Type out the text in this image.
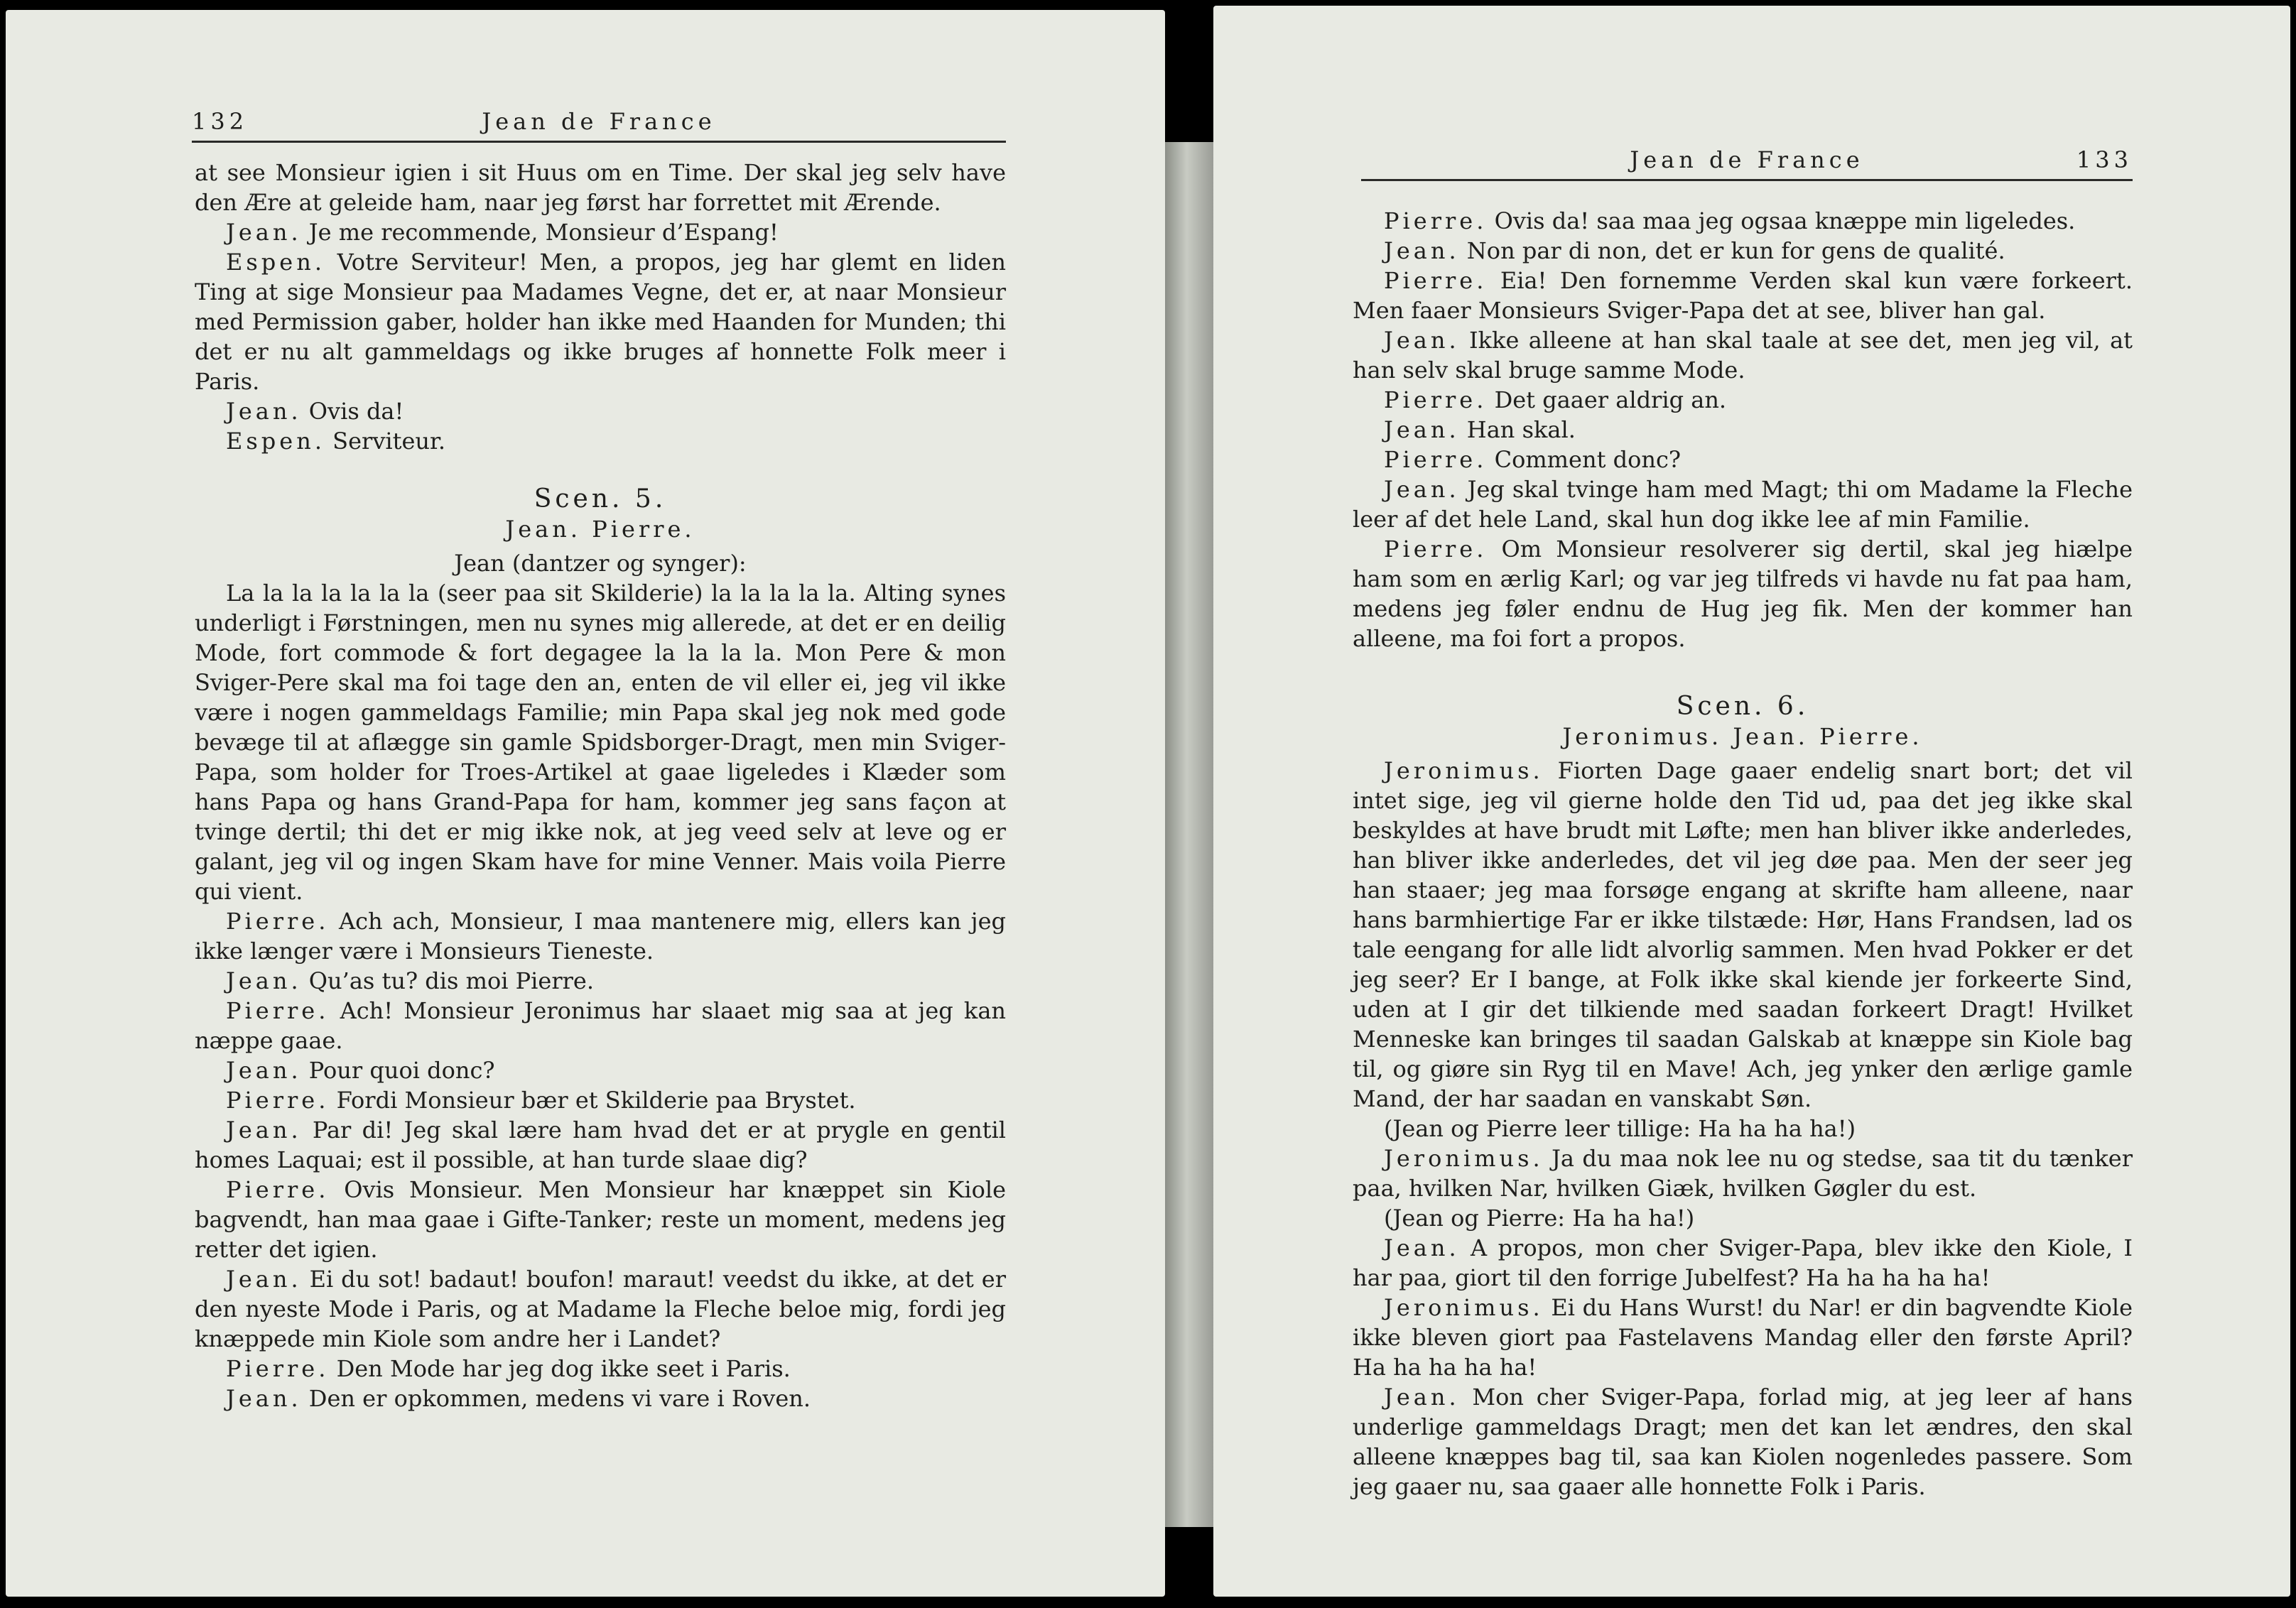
132	Jean de France

at see Monsieur igien i sit Huus om en Time. Der skal jeg selv have den Ære at geleide ham, naar jeg først har forrettet mit Ærende.

Jean. Je me recommende, Monsieur d’Espang!

Espen. Votre Serviteur! Men, a propos, jeg har glemt en liden Ting at sige Monsieur paa Madames Vegne, det er, at naar Monsieur med Permission gaber, holder han ikke med Haanden for Munden; thi det er nu alt gammeldags og ikke bruges af honnette Folk meer i Paris.

Jean. Ovis da!

Espen. Serviteur.

Scen. 5.
Jean. Pierre.
Jean (dantzer og synger):

La la la la la la la (seer paa sit Skilderie) la la la la la. Alting synes underligt i Førstningen, men nu synes mig allerede, at det er en deilig Mode, fort commode & fort degagee la la la la. Mon Pere & mon Sviger-Pere skal ma foi tage den an, enten de vil eller ei, jeg vil ikke være i nogen gammeldags Familie; min Papa skal jeg nok med gode bevæge til at aflægge sin gamle Spidsborger-Dragt, men min Sviger-Papa, som holder for Troes-Artikel at gaae ligeledes i Klæder som hans Papa og hans Grand-Papa for ham, kommer jeg sans façon at tvinge dertil; thi det er mig ikke nok, at jeg veed selv at leve og er galant, jeg vil og ingen Skam have for mine Venner. Mais voila Pierre qui vient.

Pierre. Ach ach, Monsieur, I maa mantenere mig, ellers kan jeg ikke længer være i Monsieurs Tieneste.

Jean. Qu’as tu? dis moi Pierre.

Pierre. Ach! Monsieur Jeronimus har slaaet mig saa at jeg kan næppe gaae.

Jean. Pour quoi donc?

Pierre. Fordi Monsieur bær et Skilderie paa Brystet.

Jean. Par di! Jeg skal lære ham hvad det er at prygle en gentil homes Laquai; est il possible, at han turde slaae dig?

Pierre. Ovis Monsieur. Men Monsieur har knæppet sin Kiole bagvendt, han maa gaae i Gifte-Tanker; reste un moment, medens jeg retter det igien.

Jean. Ei du sot! badaut! boufon! maraut! veedst du ikke, at det er den nyeste Mode i Paris, og at Madame la Fleche beloe mig, fordi jeg knæppede min Kiole som andre her i Landet?

Pierre. Den Mode har jeg dog ikke seet i Paris.

Jean. Den er opkommen, medens vi vare i Roven.

Jean de France	133

Pierre. Ovis da! saa maa jeg ogsaa knæppe min ligeledes.

Jean. Non par di non, det er kun for gens de qualité.

Pierre. Eia! Den fornemme Verden skal kun være forkeert. Men faaer Monsieurs Sviger-Papa det at see, bliver han gal.

Jean. Ikke alleene at han skal taale at see det, men jeg vil, at han selv skal bruge samme Mode.

Pierre. Det gaaer aldrig an.

Jean. Han skal.

Pierre. Comment donc?

Jean. Jeg skal tvinge ham med Magt; thi om Madame la Fleche leer af det hele Land, skal hun dog ikke lee af min Familie.

Pierre. Om Monsieur resolverer sig dertil, skal jeg hiælpe ham som en ærlig Karl; og var jeg tilfreds vi havde nu fat paa ham, medens jeg føler endnu de Hug jeg fik. Men der kommer han alleene, ma foi fort a propos.

Scen. 6.
Jeronimus. Jean. Pierre.

Jeronimus. Fiorten Dage gaaer endelig snart bort; det vil intet sige, jeg vil gierne holde den Tid ud, paa det jeg ikke skal beskyldes at have brudt mit Løfte; men han bliver ikke anderledes, han bliver ikke anderledes, det vil jeg døe paa. Men der seer jeg han staaer; jeg maa forsøge engang at skrifte ham alleene, naar hans barmhiertige Far er ikke tilstæde: Hør, Hans Frandsen, lad os tale eengang for alle lidt alvorlig sammen. Men hvad Pokker er det jeg seer? Er I bange, at Folk ikke skal kiende jer forkeerte Sind, uden at I gir det tilkiende med saadan forkeert Dragt! Hvilket Menneske kan bringes til saadan Galskab at knæppe sin Kiole bag til, og giøre sin Ryg til en Mave! Ach, jeg ynker den ærlige gamle Mand, der har saadan en vanskabt Søn.

(Jean og Pierre leer tillige: Ha ha ha ha!)

Jeronimus. Ja du maa nok lee nu og stedse, saa tit du tænker paa, hvilken Nar, hvilken Giæk, hvilken Gøgler du est.

(Jean og Pierre: Ha ha ha!)

Jean. A propos, mon cher Sviger-Papa, blev ikke den Kiole, I har paa, giort til den forrige Jubelfest? Ha ha ha ha ha!

Jeronimus. Ei du Hans Wurst! du Nar! er din bagvendte Kiole ikke bleven giort paa Fastelavens Mandag eller den første April? Ha ha ha ha ha!

Jean. Mon cher Sviger-Papa, forlad mig, at jeg leer af hans underlige gammeldags Dragt; men det kan let ændres, den skal alleene knæppes bag til, saa kan Kiolen nogenledes passere. Som jeg gaaer nu, saa gaaer alle honnette Folk i Paris.
